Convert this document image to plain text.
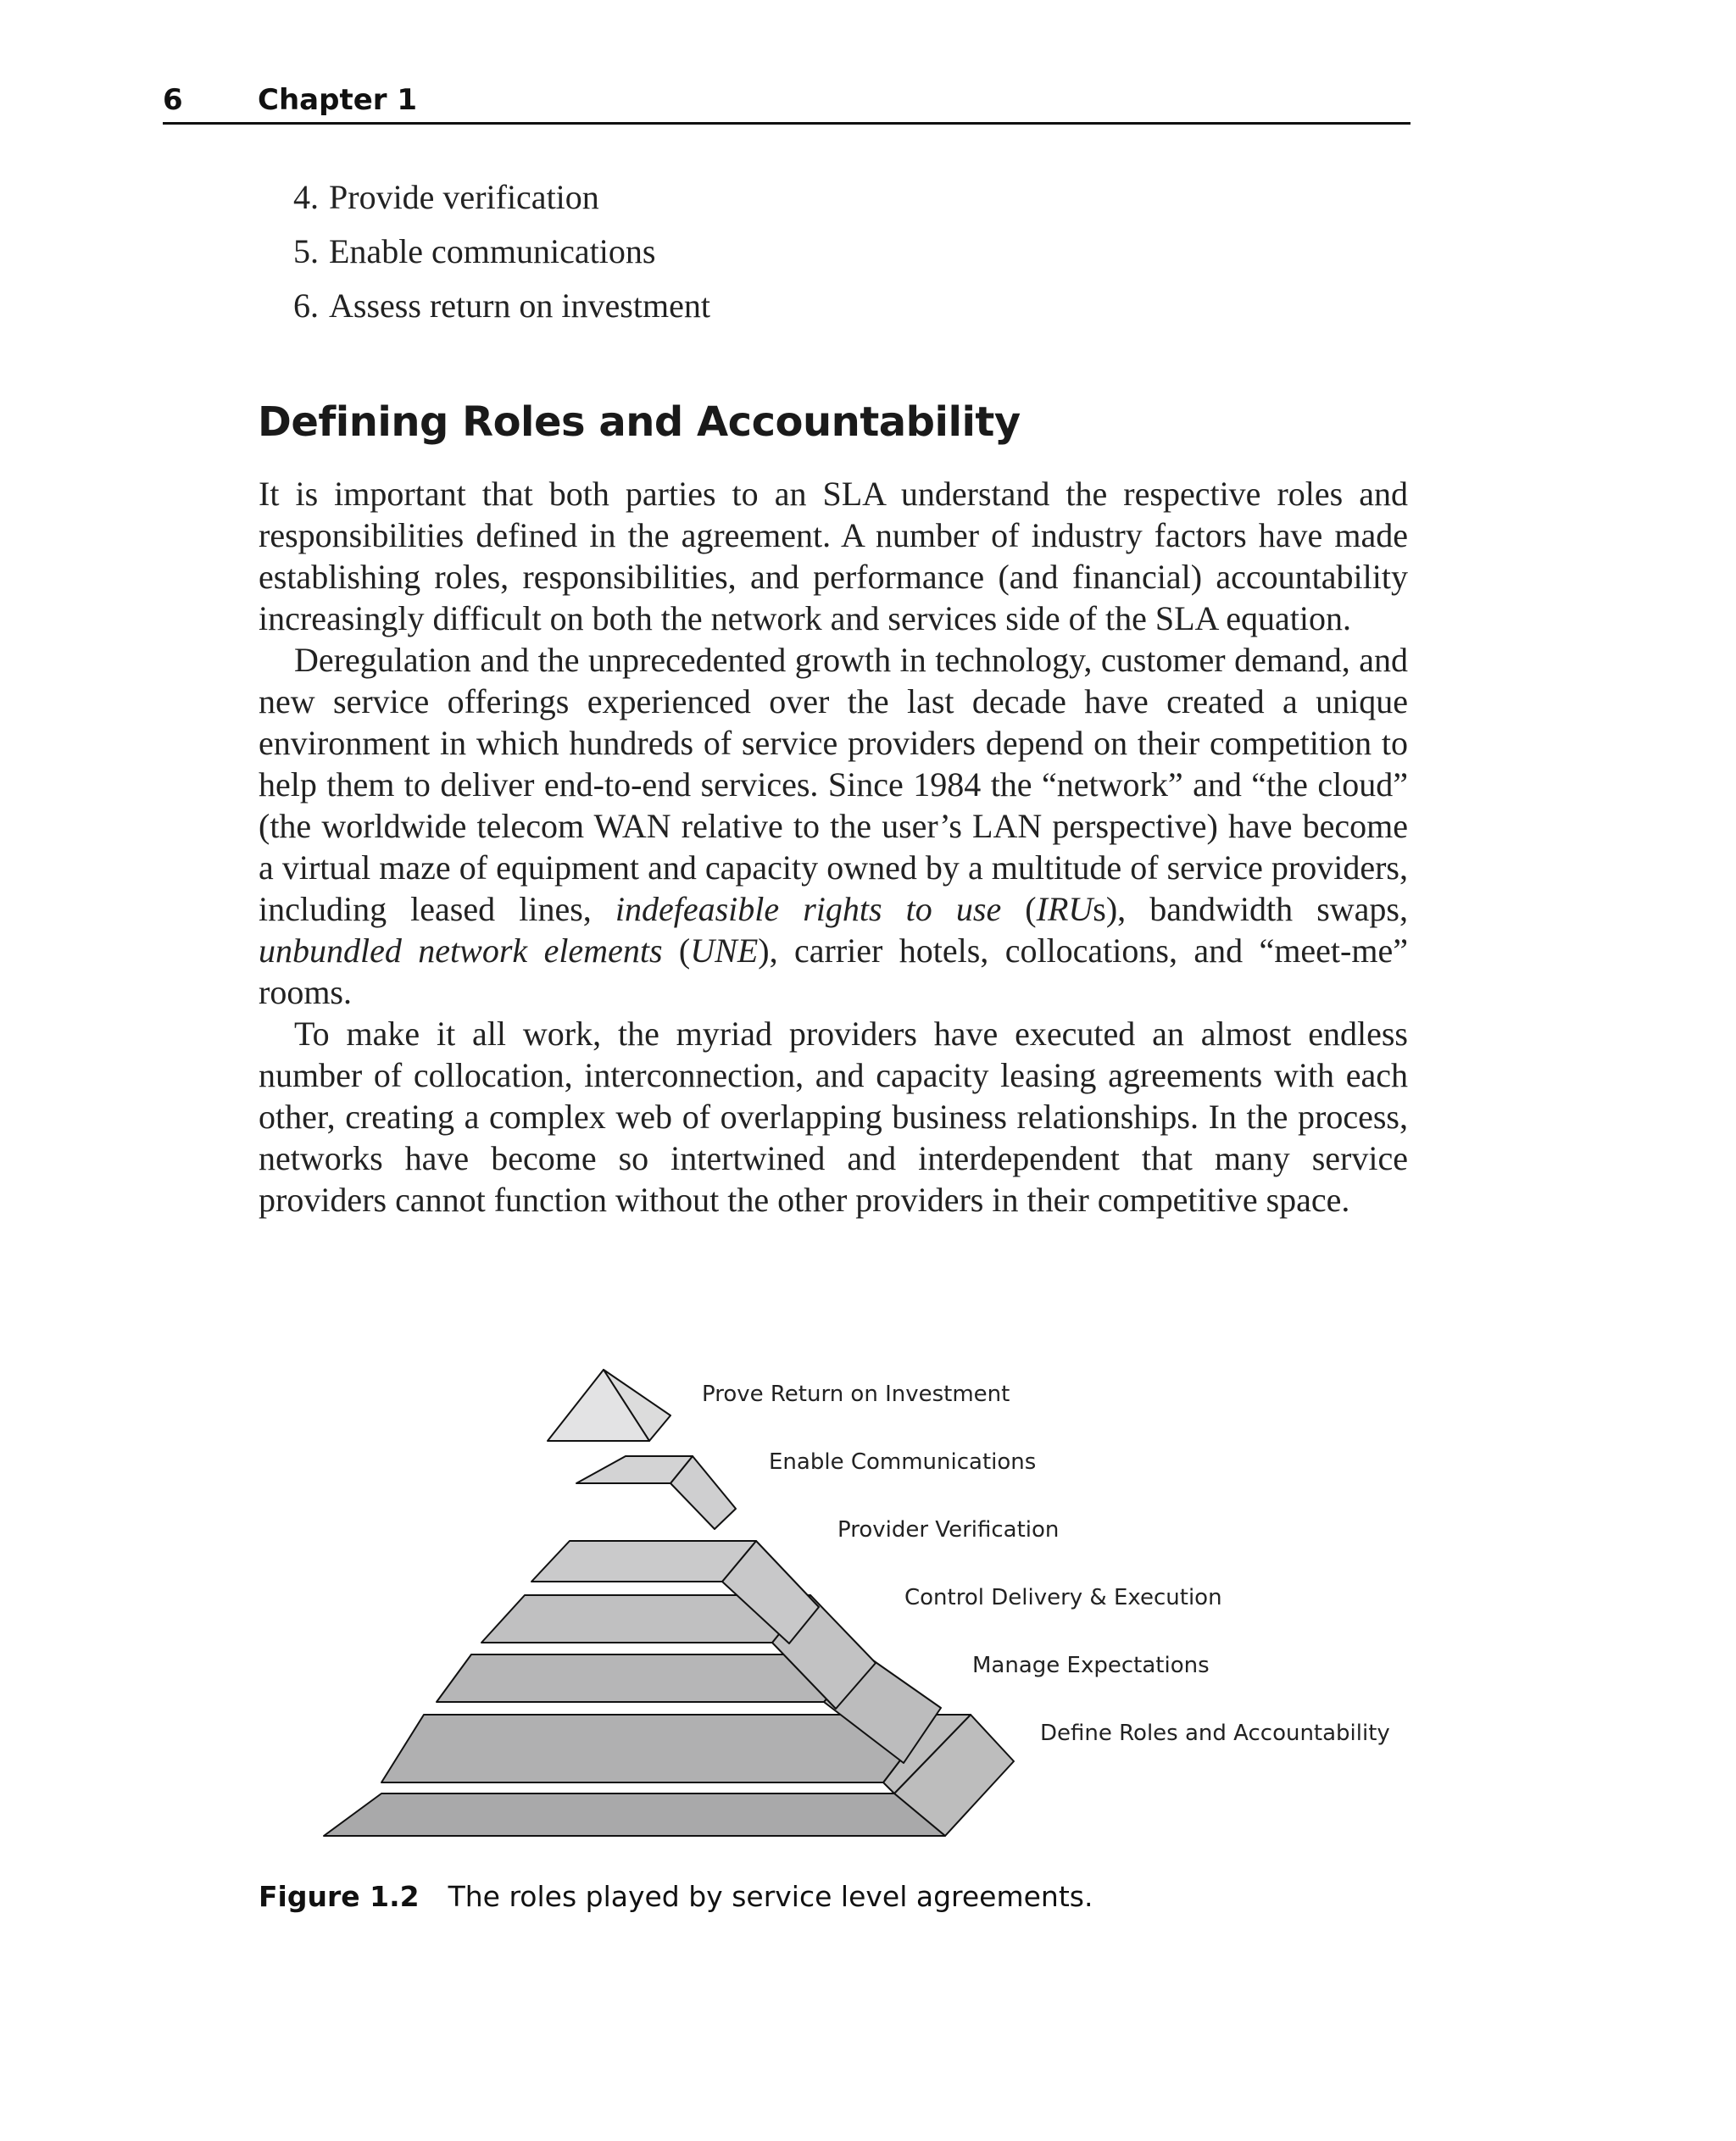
6	Chapter 1
4. Provide verification
5. Enable communications
6. Assess return on investment
Defining Roles and Accountability

It is important that both parties to an SLA understand the respective roles and responsibilities defined in the agreement. A number of industry factors have made establishing roles, responsibilities, and performance (and financial) accountability increasingly difficult on both the network and services side of the SLA equation.

Deregulation and the unprecedented growth in technology, customer demand, and new service offerings experienced over the last decade have created a unique environment in which hundreds of service providers depend on their competition to help them to deliver end-to-end services. Since 1984 the “network” and “the cloud” (the worldwide telecom WAN relative to the user’s LAN perspective) have become a virtual maze of equipment and capacity owned by a multitude of service providers, including leased lines, indefeasible rights to use (IRUs), bandwidth swaps, unbundled network elements (UNE), carrier hotels, collocations, and “meet-me” rooms.

To make it all work, the myriad providers have executed an almost endless number of collocation, interconnection, and capacity leasing agreements with each other, creating a complex web of overlapping business relationships. In the process, networks have become so intertwined and interdependent that many service providers cannot function without the other providers in their competitive space.

Prove Return on Investment
Enable Communications
Provider Verification
Control Delivery & Execution
Manage Expectations
Define Roles and Accountability
Figure 1.2 The roles played by service level agreements.
